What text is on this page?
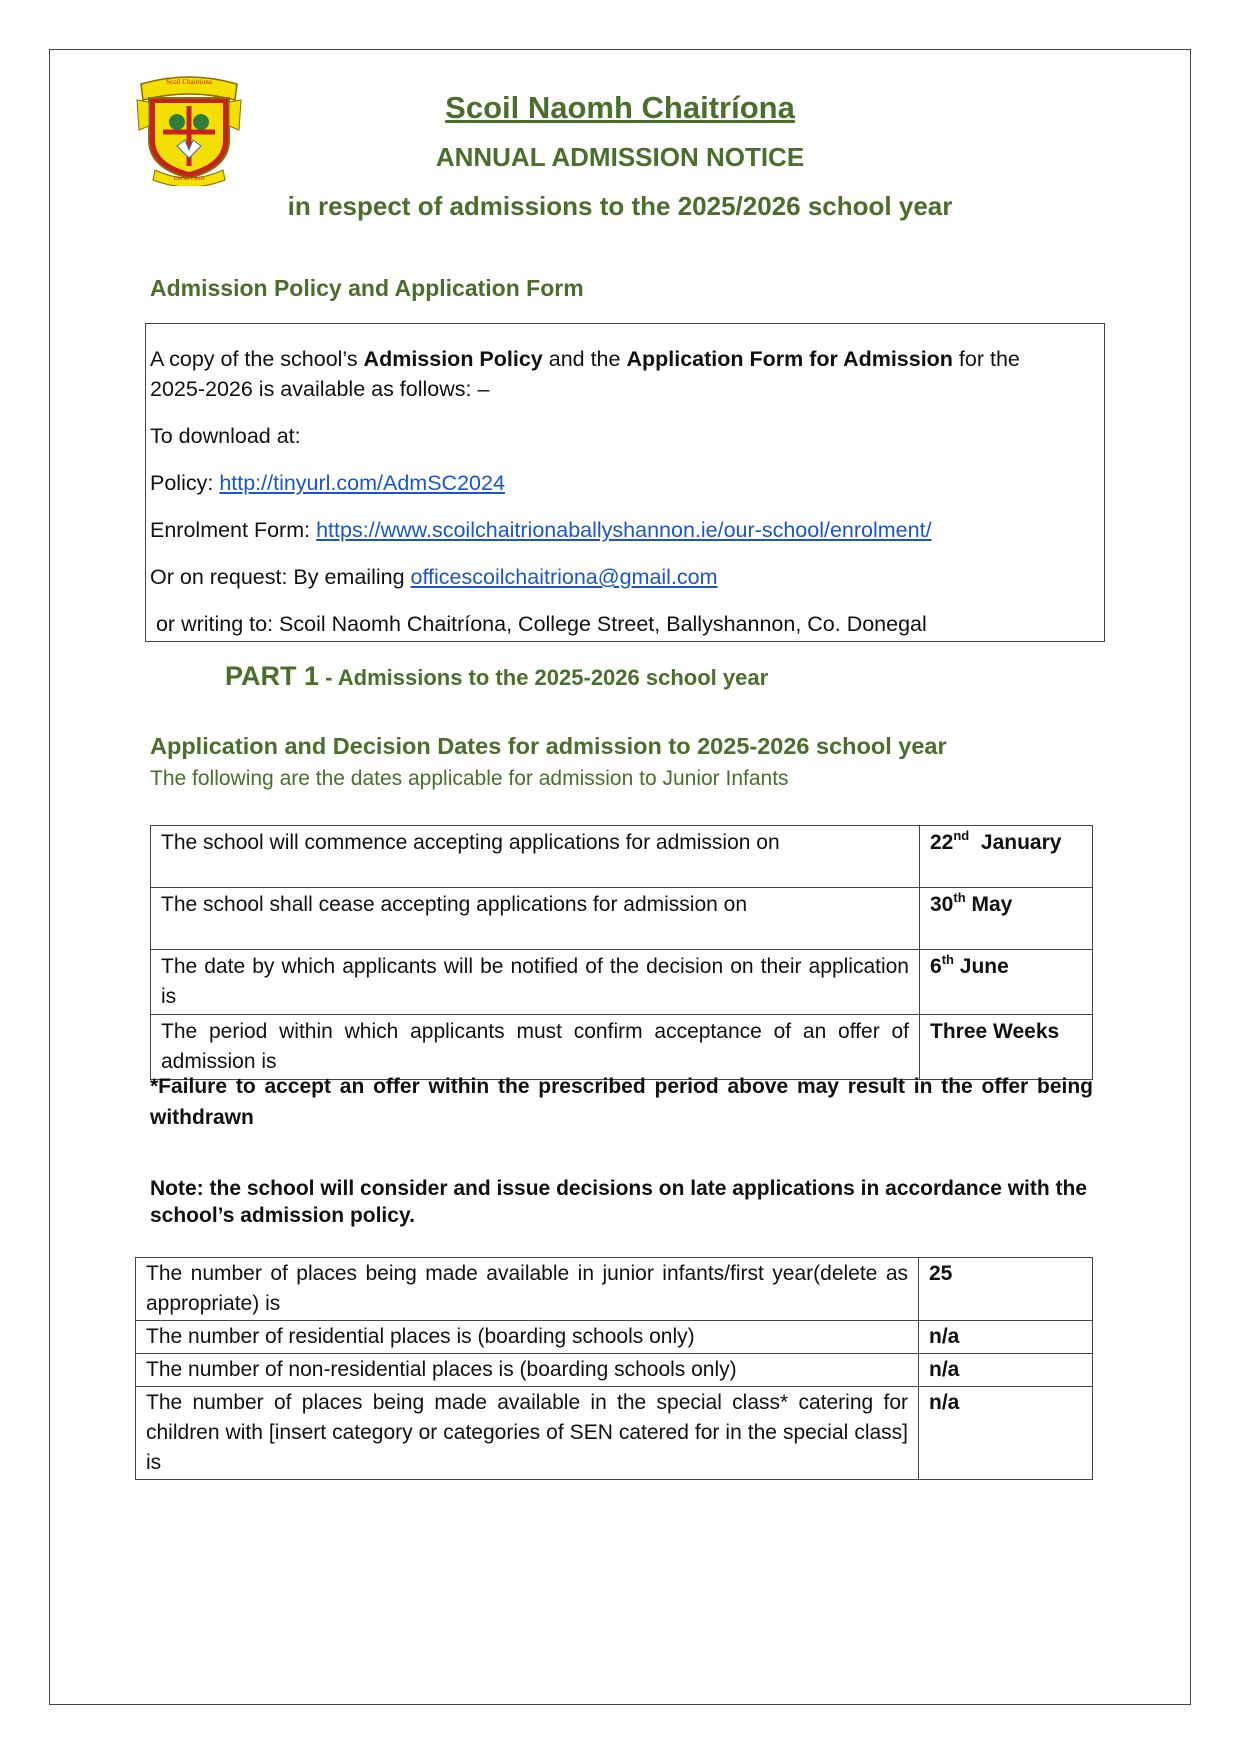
Scoil Chaitríona
Dia an Chúis
Scoil Naomh Chaitríona
ANNUAL ADMISSION NOTICE
in respect of admissions to the 2025/2026 school year
Admission Policy and Application Form

A copy of the school’s Admission Policy and the Application Form for Admission for the

2025-2026 is available as follows: –

To download at:

Policy: http://tinyurl.com/AdmSC2024

Enrolment Form: https://www.scoilchaitrionaballyshannon.ie/our-school/enrolment/

Or on request: By emailing officescoilchaitriona@gmail.com

or writing to: Scoil Naomh Chaitríona, College Street, Ballyshannon, Co. Donegal

PART 1 - Admissions to the 2025-2026 school year
Application and Decision Dates for admission to 2025-2026 school year
The following are the dates applicable for admission to Junior Infants
The school will commence accepting applications for admission on	22nd  January
The school shall cease accepting applications for admission on	30th May
The date by which applicants will be notified of the decision on their application is	6th June
The period within which applicants must confirm acceptance of an offer of admission is	Three Weeks
*Failure to accept an offer within the prescribed period above may result in the offer being withdrawn
Note: the school will consider and issue decisions on late applications in accordance with the school’s admission policy.
The number of places being made available in junior infants/first year(delete as appropriate) is	25
The number of residential places is (boarding schools only)	n/a
The number of non-residential places is (boarding schools only)	n/a
The number of places being made available in the special class* catering for children with [insert category or categories of SEN catered for in the special class] is	n/a
